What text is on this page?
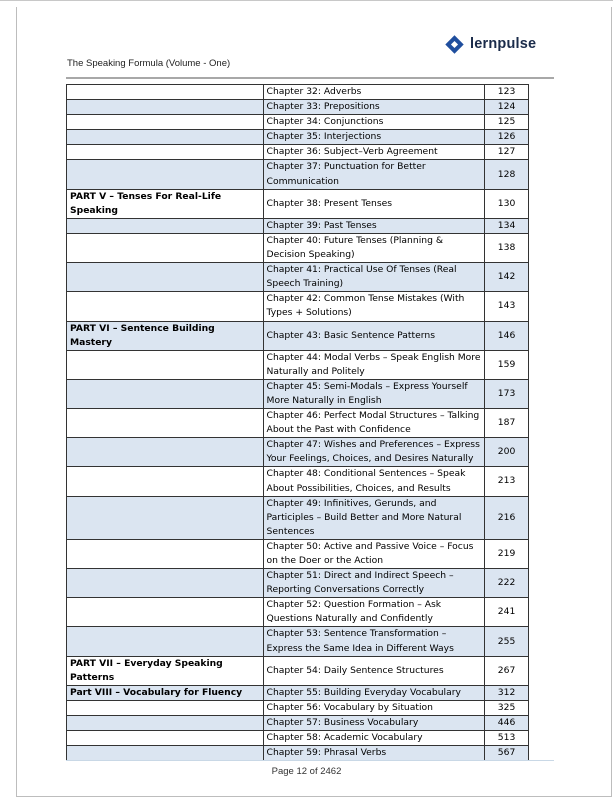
The Speaking Formula (Volume - One)
lernpulse
	Chapter 32: Adverbs	123
	Chapter 33: Prepositions	124
	Chapter 34: Conjunctions	125
	Chapter 35: Interjections	126
	Chapter 36: Subject–Verb Agreement	127
	Chapter 37: Punctuation for Better Communication	128
PART V – Tenses For Real-Life Speaking	Chapter 38: Present Tenses	130
	Chapter 39: Past Tenses	134
	Chapter 40: Future Tenses (Planning & Decision Speaking)	138
	Chapter 41: Practical Use Of Tenses (Real Speech Training)	142
	Chapter 42: Common Tense Mistakes (With Types + Solutions)	143
PART VI – Sentence Building Mastery	Chapter 43: Basic Sentence Patterns	146
	Chapter 44: Modal Verbs – Speak English More Naturally and Politely	159
	Chapter 45: Semi-Modals – Express Yourself More Naturally in English	173
	Chapter 46: Perfect Modal Structures – Talking About the Past with Confidence	187
	Chapter 47: Wishes and Preferences – Express Your Feelings, Choices, and Desires Naturally	200
	Chapter 48: Conditional Sentences – Speak About Possibilities, Choices, and Results	213
	Chapter 49: Infinitives, Gerunds, and Participles – Build Better and More Natural Sentences	216
	Chapter 50: Active and Passive Voice – Focus on the Doer or the Action	219
	Chapter 51: Direct and Indirect Speech – Reporting Conversations Correctly	222
	Chapter 52: Question Formation – Ask Questions Naturally and Confidently	241
	Chapter 53: Sentence Transformation – Express the Same Idea in Different Ways	255
PART VII – Everyday Speaking Patterns	Chapter 54: Daily Sentence Structures	267
Part VIII – Vocabulary for Fluency	Chapter 55: Building Everyday Vocabulary	312
	Chapter 56: Vocabulary by Situation	325
	Chapter 57: Business Vocabulary	446
	Chapter 58: Academic Vocabulary	513
	Chapter 59: Phrasal Verbs	567
Page 12 of 2462
